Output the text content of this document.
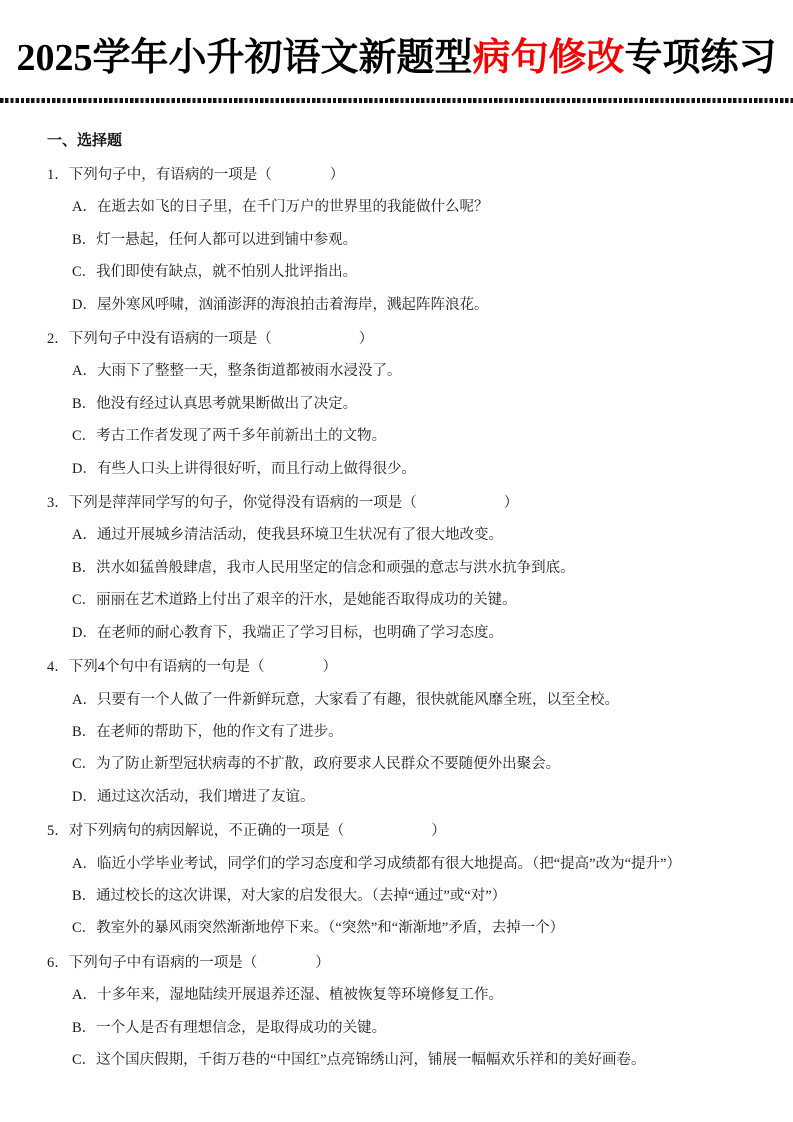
2025学年小升初语文新题型病句修改专项练习
一、选择题
1．下列句子中，有语病的一项是（　　　　）
A．在逝去如飞的日子里，在千门万户的世界里的我能做什么呢？
B．灯一悬起，任何人都可以进到铺中参观。
C．我们即使有缺点，就不怕别人批评指出。
D．屋外寒风呼啸，汹涌澎湃的海浪拍击着海岸，溅起阵阵浪花。
2．下列句子中没有语病的一项是（　　　　　　）
A．大雨下了整整一天，整条街道都被雨水浸没了。
B．他没有经过认真思考就果断做出了决定。
C．考古工作者发现了两千多年前新出土的文物。
D．有些人口头上讲得很好听，而且行动上做得很少。
3．下列是萍萍同学写的句子，你觉得没有语病的一项是（　　　　　　）
A．通过开展城乡清洁活动，使我县环境卫生状况有了很大地改变。
B．洪水如猛兽般肆虐，我市人民用坚定的信念和顽强的意志与洪水抗争到底。
C．丽丽在艺术道路上付出了艰辛的汗水，是她能否取得成功的关键。
D．在老师的耐心教育下，我端正了学习目标，也明确了学习态度。
4．下列4个句中有语病的一句是（　　　　）
A．只要有一个人做了一件新鲜玩意，大家看了有趣，很快就能风靡全班，以至全校。
B．在老师的帮助下，他的作文有了进步。
C．为了防止新型冠状病毒的不扩散，政府要求人民群众不要随便外出聚会。
D．通过这次活动，我们增进了友谊。
5．对下列病句的病因解说，不正确的一项是（　　　　　　）
A．临近小学毕业考试，同学们的学习态度和学习成绩都有很大地提高。（把“提高”改为“提升”）
B．通过校长的这次讲课，对大家的启发很大。（去掉“通过”或“对”）
C．教室外的暴风雨突然渐渐地停下来。（“突然”和“渐渐地”矛盾，去掉一个）
6．下列句子中有语病的一项是（　　　　）
A．十多年来，湿地陆续开展退养还湿、植被恢复等环境修复工作。
B．一个人是否有理想信念，是取得成功的关键。
C．这个国庆假期，千街万巷的“中国红”点亮锦绣山河，铺展一幅幅欢乐祥和的美好画卷。
